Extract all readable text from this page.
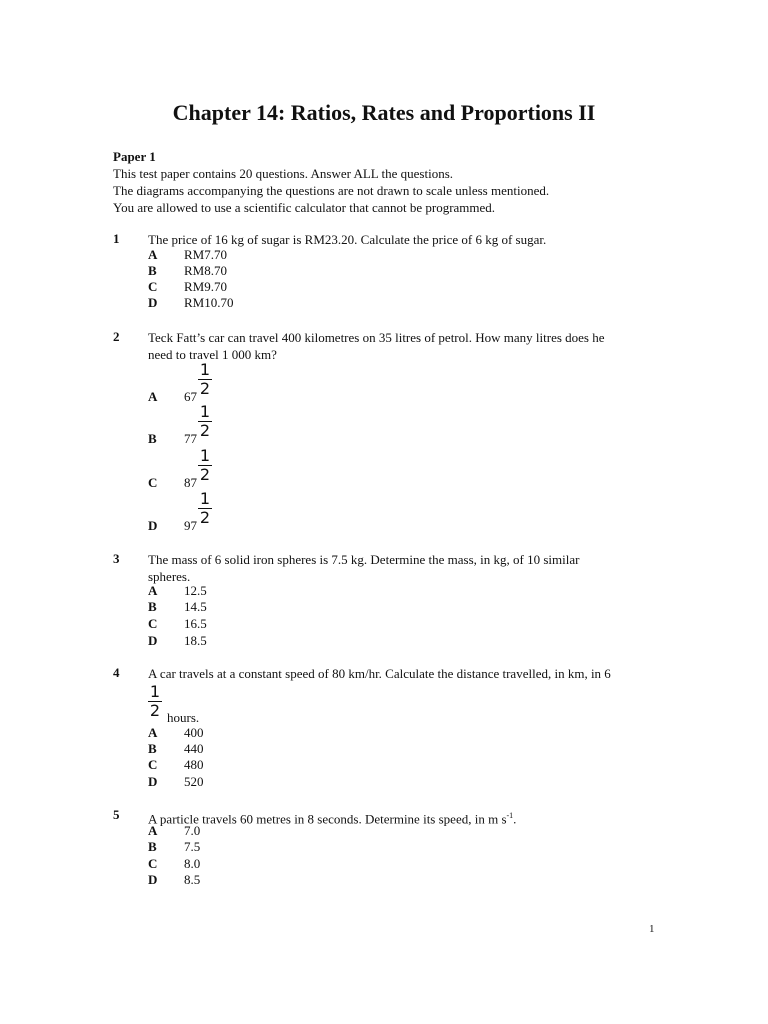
Chapter 14: Ratios, Rates and Proportions II
Paper 1
This test paper contains 20 questions. Answer ALL the questions.
The diagrams accompanying the questions are not drawn to scale unless mentioned.
You are allowed to use a scientific calculator that cannot be programmed.
1 The price of 16 kg of sugar is RM23.20. Calculate the price of 6 kg of sugar.
A RM7.70
B RM8.70
C RM9.70
D RM10.70
2 Teck Fatt’s car can travel 400 kilometres on 35 litres of petrol. How many litres does he
need to travel 1 000 km?
A $67 \frac{1}{2}$
B $77 \frac{1}{2}$
C $87 \frac{1}{2}$
D $97 \frac{1}{2}$
3 The mass of 6 solid iron spheres is 7.5 kg. Determine the mass, in kg, of 10 similar
spheres.
A 12.5
B 14.5
C 16.5
D 18.5
4 A car travels at a constant speed of 80 km/hr. Calculate the distance travelled, in km, in 6
$\frac{1}{2}$ hours.
A 400
B 440
C 480
D 520
5 A particle travels 60 metres in 8 seconds. Determine its speed, in m $s^{-1}$.
A 7.0
B 7.5
C 8.0
D 8.5
1
